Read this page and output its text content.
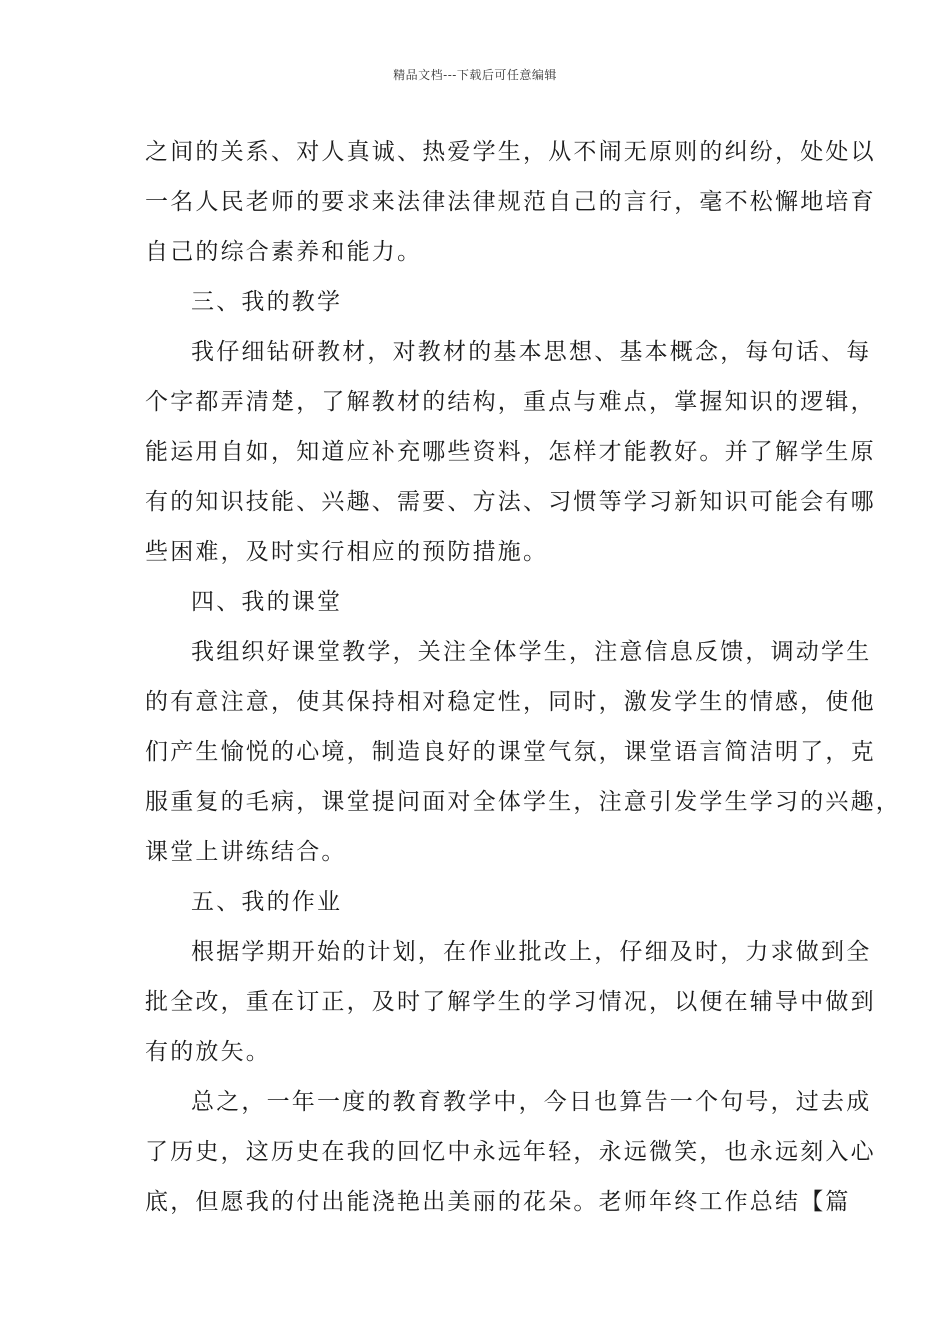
精品文档---下载后可任意编辑
之间的关系、对人真诚、热爱学生，从不闹无原则的纠纷，处处以
一名人民老师的要求来法律法律规范自己的言行，毫不松懈地培育
自己的综合素养和能力。
三、我的教学
我仔细钻研教材，对教材的基本思想、基本概念，每句话、每
个字都弄清楚，了解教材的结构，重点与难点，掌握知识的逻辑，
能运用自如，知道应补充哪些资料，怎样才能教好。并了解学生原
有的知识技能、兴趣、需要、方法、习惯等学习新知识可能会有哪
些困难，及时实行相应的预防措施。
四、我的课堂
我组织好课堂教学，关注全体学生，注意信息反馈，调动学生
的有意注意，使其保持相对稳定性，同时，激发学生的情感，使他
们产生愉悦的心境，制造良好的课堂气氛，课堂语言简洁明了，克
服重复的毛病，课堂提问面对全体学生，注意引发学生学习的兴趣，
课堂上讲练结合。
五、我的作业
根据学期开始的计划，在作业批改上，仔细及时，力求做到全
批全改，重在订正，及时了解学生的学习情况，以便在辅导中做到
有的放矢。
总之，一年一度的教育教学中，今日也算告一个句号，过去成
了历史，这历史在我的回忆中永远年轻，永远微笑，也永远刻入心
底，但愿我的付出能浇艳出美丽的花朵。老师年终工作总结【篇
